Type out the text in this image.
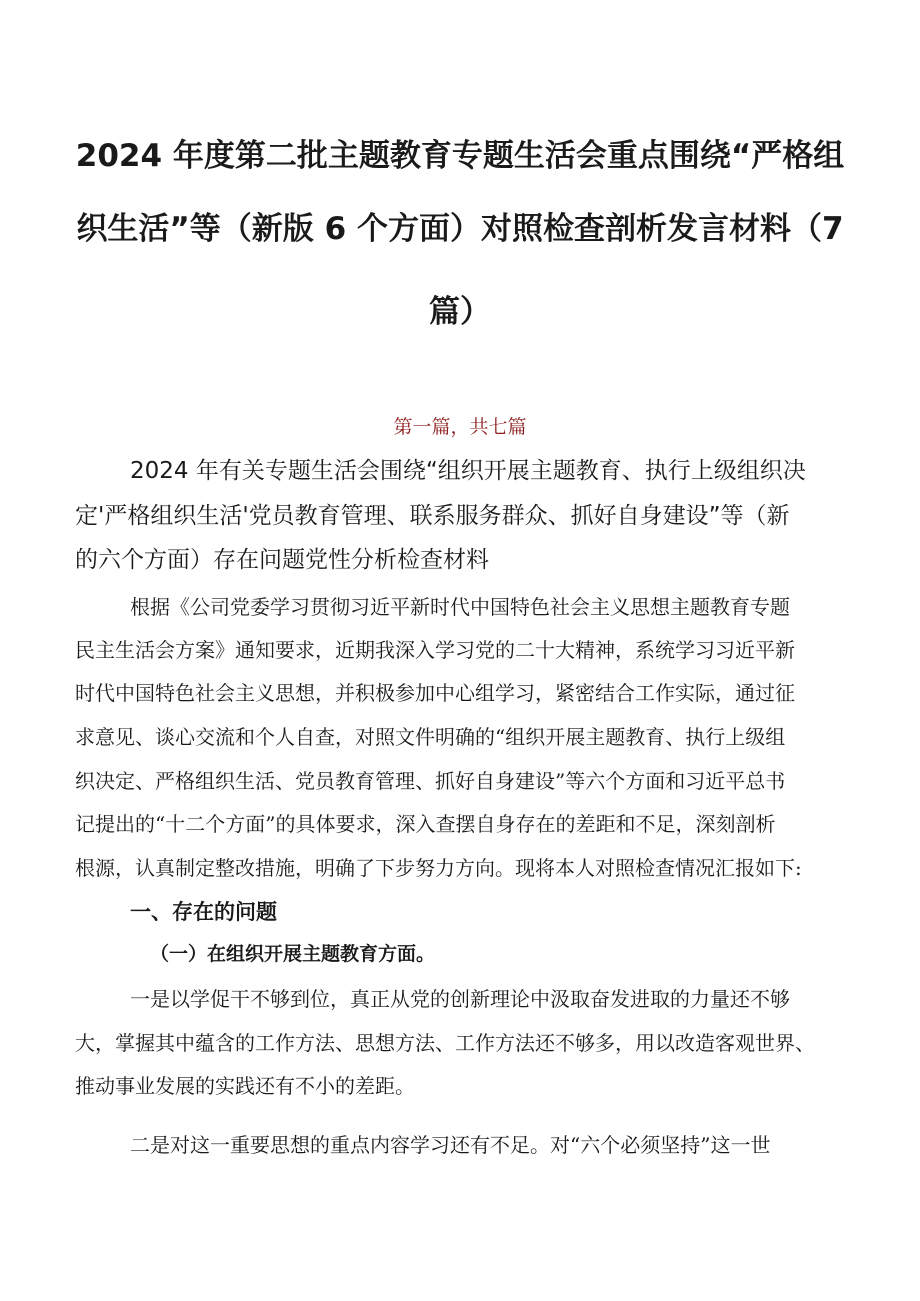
2024 年度第二批主题教育专题生活会重点围绕“严格组
织生活”等（新版 6 个方面）对照检查剖析发言材料（7
篇）

第一篇，共七篇

2024 年有关专题生活会围绕“组织开展主题教育、执行上级组织决

定'严格组织生活'党员教育管理、联系服务群众、抓好自身建设”等（新

的六个方面）存在问题党性分析检查材料

根据《公司党委学习贯彻习近平新时代中国特色社会主义思想主题教育专题

民主生活会方案》通知要求，近期我深入学习党的二十大精神，系统学习习近平新

时代中国特色社会主义思想，并积极参加中心组学习，紧密结合工作实际，通过征

求意见、谈心交流和个人自查，对照文件明确的“组织开展主题教育、执行上级组

织决定、严格组织生活、党员教育管理、抓好自身建设”等六个方面和习近平总书

记提出的“十二个方面”的具体要求，深入查摆自身存在的差距和不足，深刻剖析

根源，认真制定整改措施，明确了下步努力方向。现将本人对照检查情况汇报如下:

一、存在的问题
（一）在组织开展主题教育方面。

一是以学促干不够到位，真正从党的创新理论中汲取奋发进取的力量还不够

大，掌握其中蕴含的工作方法、思想方法、工作方法还不够多，用以改造客观世界、

推动事业发展的实践还有不小的差距。

二是对这一重要思想的重点内容学习还有不足。对“六个必须坚持”这一世
